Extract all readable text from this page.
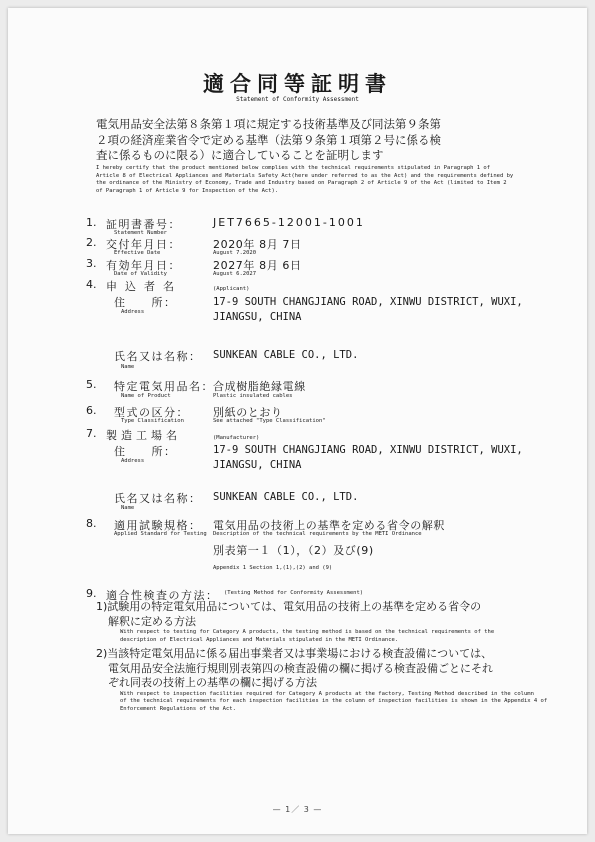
適合同等証明書
Statement of Conformity Assessment
電気用品安全法第８条第１項に規定する技術基準及び同法第９条第
２項の経済産業省令で定める基準（法第９条第１項第２号に係る検
査に係るものに限る）に適合していることを証明します
I hereby certify that the product mentioned below complies with the technical requirements stipulated in Paragraph 1 of
Article 8 of Electrical Appliances and Materials Safety Act(here under referred to as the Act) and the requirements defined by
the ordinance of the Ministry of Economy, Trade and Industry based on Paragraph 2 of Article 9 of the Act (limited to Item 2
of Paragraph 1 of Article 9 for Inspection of the Act).
1. 証明書番号：
Statement Number
JET7665-12001-1001
2. 交付年月日：
Effective Date
2020年 8月 7日
August 7.2020
3. 有効年月日：
Date of Validity
2027年 8月 6日
August 6.2027
4. 申込者名	(Applicant)
住　　所：
Address
17-9 SOUTH CHANGJIANG ROAD, XINWU DISTRICT, WUXI,
JIANGSU, CHINA
氏名又は名称：
Name
SUNKEAN CABLE CO., LTD.
5. 特定電気用品名：
Name of Product
合成樹脂絶縁電線
Plastic insulated cables
6. 型式の区分：
Type Classification
別紙のとおり
See attached "Type Classification"
7. 製造工場名	(Manufacturer)
住　　所：
Address
17-9 SOUTH CHANGJIANG ROAD, XINWU DISTRICT, WUXI,
JIANGSU, CHINA
氏名又は名称：
Name
SUNKEAN CABLE CO., LTD.
8. 適用試験規格：
Applied Standard for Testing
電気用品の技術上の基準を定める省令の解釈
Description of the technical requirements by the METI Ordinance
別表第一１（1），（2）及び(9)
Appendix 1 Section 1,(1),(2) and (9)
9. 適合性検査の方法： (Testing Method for Conformity Assessment)
1)試験用の特定電気用品については、電気用品の技術上の基準を定める省令の
解釈に定める方法
With respect to testing for Category A products, the testing method is based on the technical requirements of the
description of Electrical Appliances and Materials stipulated in the METI Ordinance.
2)当該特定電気用品に係る届出事業者又は事業場における検査設備については、
電気用品安全法施行規則別表第四の検査設備の欄に掲げる検査設備ごとにそれ
ぞれ同表の技術上の基準の欄に掲げる方法
With respect to inspection facilities required for Category A products at the factory, Testing Method described in the column
of the technical requirements for each inspection facilities in the column of inspection facilities is shown in the Appendix 4 of
Enforcement Regulations of the Act.
— 1／ 3 —
